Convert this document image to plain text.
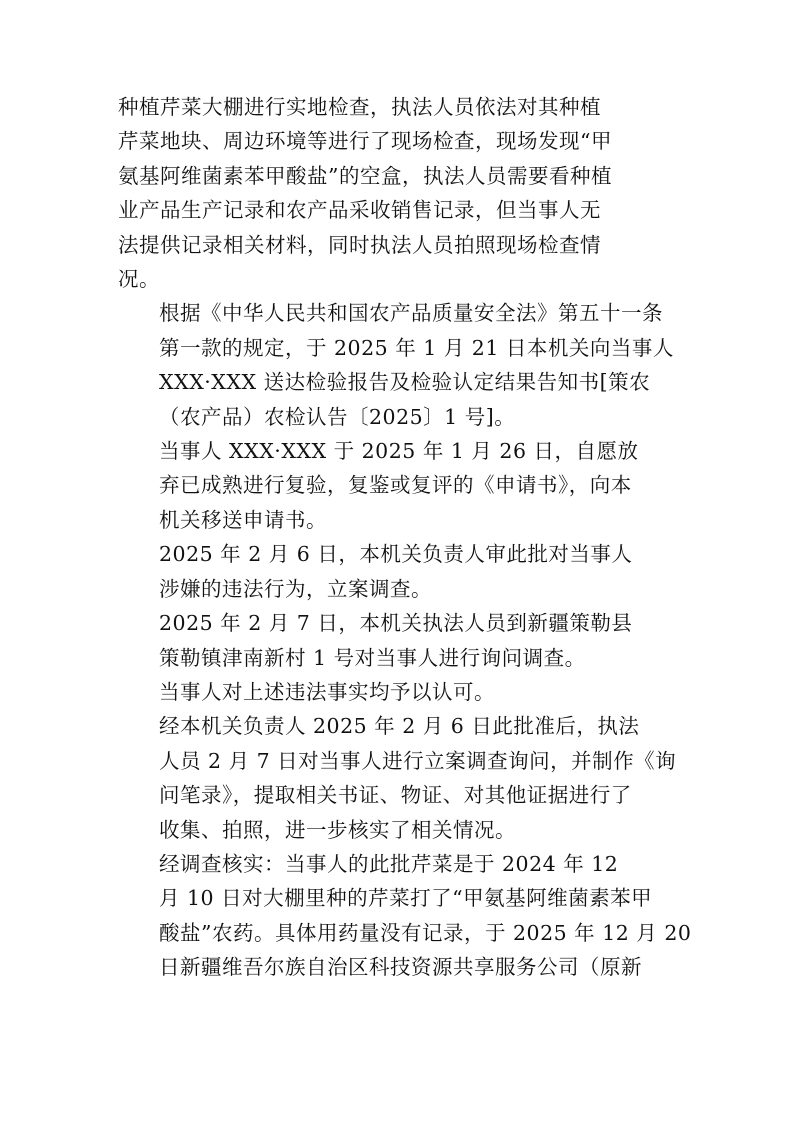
种植芹菜大棚进行实地检查，执法人员依法对其种植
芹菜地块、周边环境等进行了现场检查，现场发现“甲
氨基阿维菌素苯甲酸盐”的空盒，执法人员需要看种植
业产品生产记录和农产品采收销售记录，但当事人无
法提供记录相关材料，同时执法人员拍照现场检查情
况。

根据《中华人民共和国农产品质量安全法》第五十一条
第一款的规定，于 2025 年 1 月 21 日本机关向当事人
XXX·XXX 送达检验报告及检验认定结果告知书[策农
（农产品）农检认告〔2025〕1 号]。

当事人 XXX·XXX 于 2025 年 1 月 26 日，自愿放
弃已成熟进行复验，复鉴或复评的《申请书》，向本
机关移送申请书。

2025 年 2 月 6 日，本机关负责人审此批对当事人
涉嫌的违法行为，立案调查。

2025 年 2 月 7 日，本机关执法人员到新疆策勒县
策勒镇津南新村 1 号对当事人进行询问调查。

当事人对上述违法事实均予以认可。

经本机关负责人 2025 年 2 月 6 日此批准后，执法
人员 2 月 7 日对当事人进行立案调查询问，并制作《询
问笔录》，提取相关书证、物证、对其他证据进行了
收集、拍照，进一步核实了相关情况。

经调查核实：当事人的此批芹菜是于 2024 年 12
月 10 日对大棚里种的芹菜打了“甲氨基阿维菌素苯甲
酸盐”农药。具体用药量没有记录，于 2025 年 12 月 20
日新疆维吾尔族自治区科技资源共享服务公司（原新
